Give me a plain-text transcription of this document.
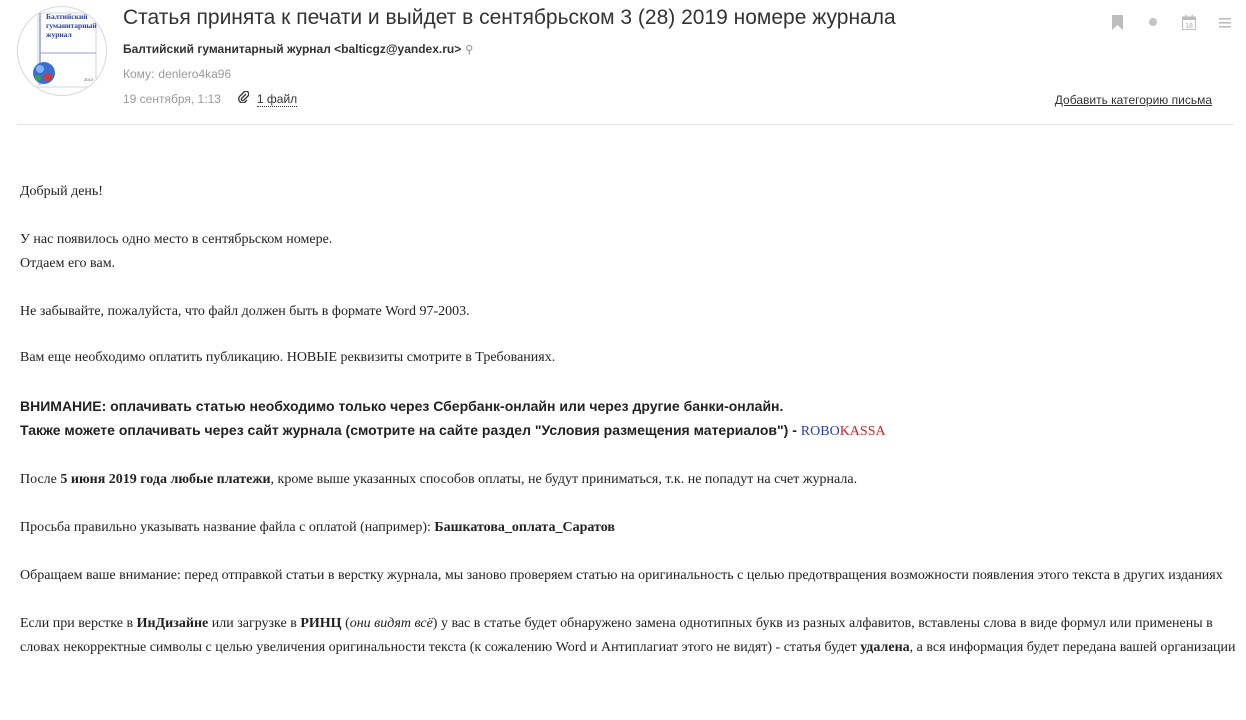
Балтийский
гуманитарный
журнал
2013
Статья принята к печати и выйдет в сентябрьском 3 (28) 2019 номере журнала
Балтийский гуманитарный журнал <balticgz@yandex.ru> ⚲
Кому: denlero4ka96
19 сентября, 1:13	1 файл	Добавить категорию письма
18

Добрый день!

У нас появилось одно место в сентябрьском номере.

Отдаем его вам.

Не забывайте, пожалуйста, что файл должен быть в формате Word 97-2003.

Вам еще необходимо оплатить публикацию. НОВЫЕ реквизиты смотрите в Требованиях.

ВНИМАНИЕ: оплачивать статью необходимо только через Сбербанк-онлайн или через другие банки-онлайн.

Также можете оплачивать через сайт журнала (смотрите на сайте раздел "Условия размещения материалов") - ROBOKASSA

После 5 июня 2019 года любые платежи, кроме выше указанных способов оплаты, не будут приниматься, т.к. не попадут на счет журнала.

Просьба правильно указывать название файла с оплатой (например): Башкатова_оплата_Саратов

Обращаем ваше внимание: перед отправкой статьи в верстку журнала, мы заново проверяем статью на оригинальность с целью предотвращения возможности появления этого текста в других изданиях

Если при верстке в ИнДизайне или загрузке в РИНЦ (они видят всё) у вас в статье будет обнаружено замена однотипных букв из разных алфавитов, вставлены слова в виде формул или применены в словах некорректные символы с целью увеличения оригинальности текста (к сожалению Word и Антиплагиат этого не видят) - статья будет удалена, а вся информация будет передана вашей организации
